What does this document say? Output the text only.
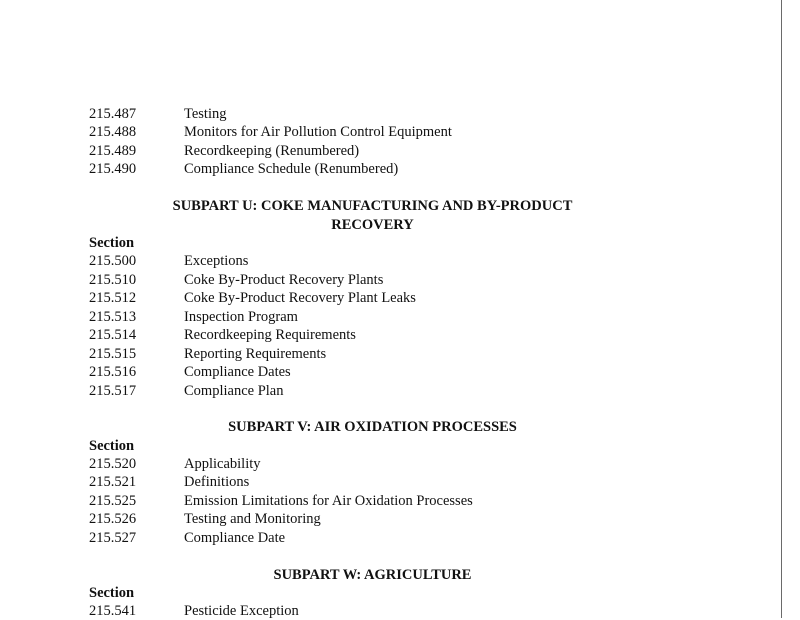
215.487	Testing
215.488	Monitors for Air Pollution Control Equipment
215.489	Recordkeeping (Renumbered)
215.490	Compliance Schedule (Renumbered)
SUBPART U: COKE MANUFACTURING AND BY-PRODUCT
RECOVERY
Section
215.500	Exceptions
215.510	Coke By-Product Recovery Plants
215.512	Coke By-Product Recovery Plant Leaks
215.513	Inspection Program
215.514	Recordkeeping Requirements
215.515	Reporting Requirements
215.516	Compliance Dates
215.517	Compliance Plan
SUBPART V: AIR OXIDATION PROCESSES
Section
215.520	Applicability
215.521	Definitions
215.525	Emission Limitations for Air Oxidation Processes
215.526	Testing and Monitoring
215.527	Compliance Date
SUBPART W: AGRICULTURE
Section
215.541	Pesticide Exception
